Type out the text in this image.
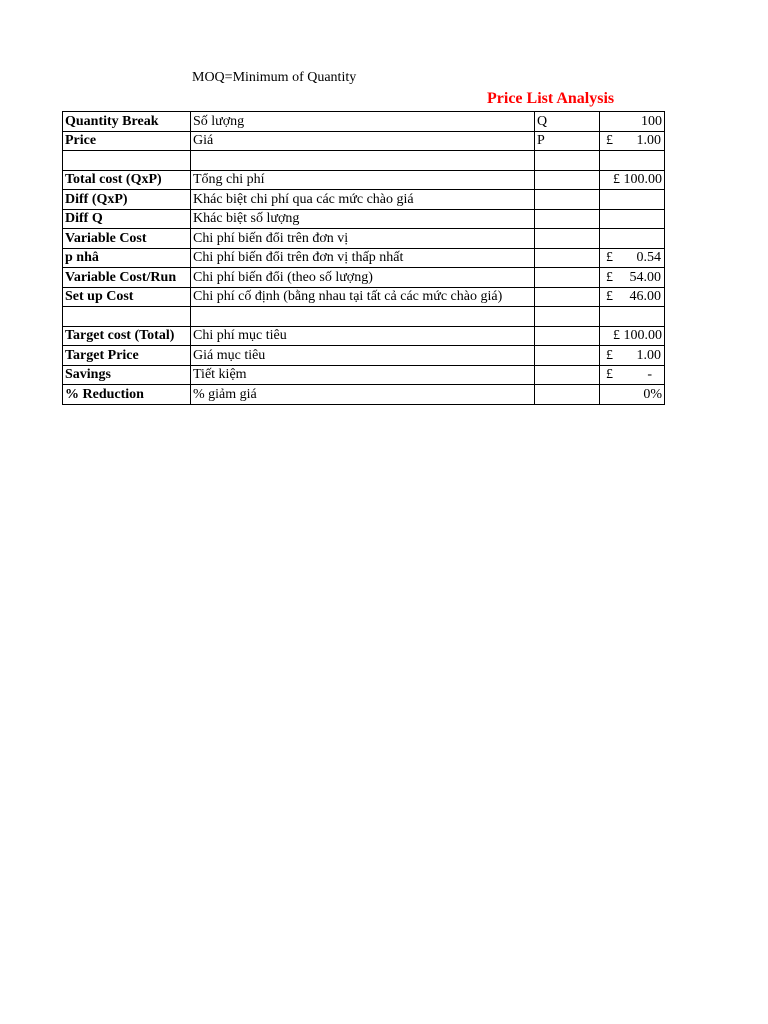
MOQ=Minimum of Quantity
Price List Analysis
Quantity Break	Số lượng	Q	100
Price	Giá	P	£ 1.00

Total cost (QxP)	Tổng chi phí		£ 100.00
Diff (QxP)	Khác biệt chi phí qua các mức chào giá		
Diff Q	Khác biệt số lượng		
Variable Cost	Chi phí biến đổi trên đơn vị		
p nhâ	Chi phí biến đổi trên đơn vị thấp nhất		£ 0.54

Variable Cost/Run	Chi phí biến đổi (theo số lượng)		£ 54.00

Set up Cost	Chi phí cố định (bằng nhau tại tất cả các mức chào giá)		£ 46.00

Target cost (Total)	Chi phí mục tiêu		£ 100.00
Target Price	Giá mục tiêu		£ 1.00

Savings	Tiết kiệm		£ -

% Reduction	% giảm giá		0%
